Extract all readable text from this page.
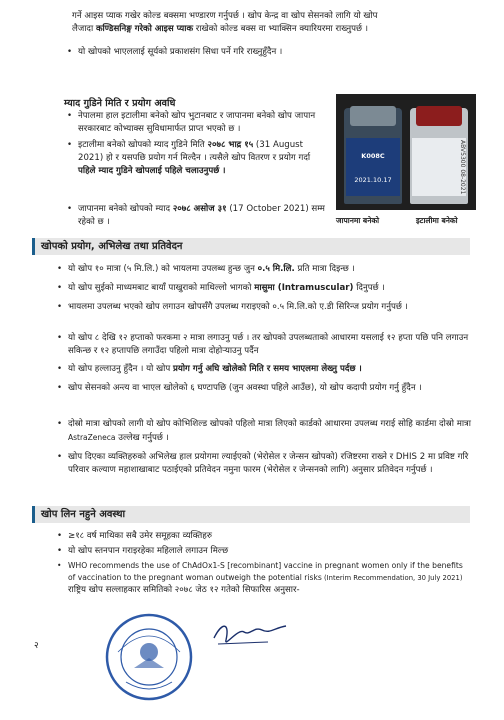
गर्ने आइस प्याक गखेर कोल्ड बक्समा भण्डारण गर्नुपर्छ । खोप केन्द्र वा खोप सेसनको लागि यो खोप
लैजादा कण्डिसनिङ्ग गरेको आइस प्याक राखेको कोल्ड बक्स वा भ्याक्सिन क्यारियरमा राख्नुपर्छ ।

• यो खोपको भाएललाई सूर्यको प्रकाशसंग सिधा पर्ने गरि राख्नुहुँदैन ।
म्याद गुडिने मिति र प्रयोग अवधि
• नेपालमा हाल इटालीमा बनेको खोप भुटानबाट र जापानमा बनेको खोप जापान सरकारबाट कोभ्याक्स सुविधामार्फत प्राप्त भएको छ ।
• इटालीमा बनेको खोपको म्याद गुडिने मिति २०७८ भाद्र १५ (31 August 2021) हो र यसपछि प्रयोग गर्न मिल्दैन । त्यसैले खोप वितरण र प्रयोग गर्दा पहिले म्याद गुडिने खोपलाई पहिले चलाउनुपर्छ ।
• जापानमा बनेको खोपको म्याद २०७८ असोज ३१ (17 October 2021) सम्म रहेको छ ।
K008C
2021.10.17	ABV5300 08-2021
जापानमा बनेको	इटालीमा बनेको
खोपको प्रयोग, अभिलेख तथा प्रतिवेदन
• यो खोप १० मात्रा (५ मि.लि.) को भायलमा उपलब्ध हुन्छ जुन ०.५ मि.लि. प्रति मात्रा दिइन्छ ।
• यो खोप सुईको माध्यमबाट बायाँ पाखुराको माथिल्लो भागको मासुमा (Intramuscular) दिनुपर्छ ।
• भायलमा उपलब्ध भएको खोप लगाउन खोपसँगै उपलब्ध गराइएको ०.५ मि.लि.को ए.डी सिरिन्ज प्रयोग गर्नुपर्छ ।
• यो खोप ८ देखि १२ हप्ताको फरकमा २ मात्रा लगाउनु पर्छ । तर खोपको उपलब्धताको आधारमा यसलाई १२ हप्ता पछि पनि लगाउन सकिन्छ र १२ हप्तापछि लगाउँदा पहिलो मात्रा दोहोऱ्याउनु पर्दैन
• यो खोप हल्लाउनु हुँदैन । यो खोप प्रयोग गर्नु अघि खोलेको मिति र समय भाएलमा लेख्नु पर्दछ ।
• खोप सेसनको अन्त्य वा भाएल खोलेको ६ घण्टापछि (जुन अवस्था पहिले आउँछ), यो खोप कदापी प्रयोग गर्नु हुँदैन ।
• दोस्रो मात्रा खोपको लागी यो खोप कोभिशिल्ड खोपको पहिलो मात्रा लिएको कार्डको आधारमा उपलब्ध गराई सोहि कार्डमा दोस्रो मात्रा AstraZeneca उल्लेख गर्नुपर्छ ।
• खोप दिएका व्यक्तिहरुको अभिलेख हाल प्रयोगमा ल्याईएको (भेरोसेल र जेन्सन खोपको) रजिष्टरमा राख्ने र DHIS 2 मा प्रविष्ट गरि परिवार कल्याण महाशाखाबाट पठाईएको प्रतिवेदन नमुना फारम (भेरोसेल र जेन्सनको लागि) अनुसार प्रतिवेदन गर्नुपर्छ ।
खोप लिन नहुने अवस्था
• ≥१८ वर्ष माथिका सबै उमेर समूहका व्यक्तिहरु
• यो खोप स्तनपान गराइरहेका महिलाले लगाउन मिल्छ
• WHO recommends the use of ChAdOx1-S [recombinant] vaccine in pregnant women only if the benefits of vaccination to the pregnant woman outweigh the potential risks (Interim Recommendation, 30 July 2021)
राष्ट्रिय खोप सल्लाहकार समितिको २०७८ जेठ १२ गतेको सिफारिस अनुसार-
२
